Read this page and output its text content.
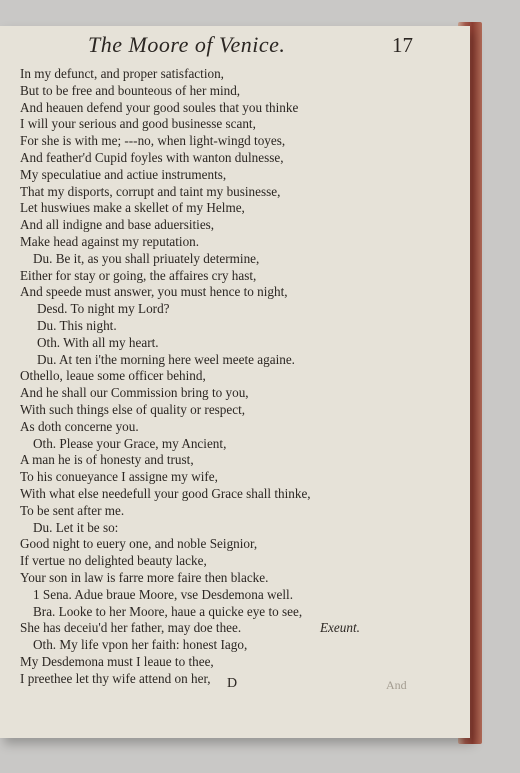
The Moore of Venice.	17
In my defunct, and proper satisfaction,
But to be free and bounteous of her mind,
And heauen defend your good soules that you thinke
I will your serious and good businesse scant,
For she is with me; ---no, when light-wingd toyes,
And feather'd Cupid foyles with wanton dulnesse,
My speculatiue and actiue instruments,
That my disports, corrupt and taint my businesse,
Let huswiues make a skellet of my Helme,
And all indigne and base aduersities,
Make head against my reputation.
Du. Be it, as you shall priuately determine,
Either for stay or going, the affaires cry hast,
And speede must answer, you must hence to night,
Desd. To night my Lord?
Du. This night.
Oth. With all my heart.
Du. At ten i'the morning here weel meete againe.
Othello, leaue some officer behind,
And he shall our Commission bring to you,
With such things else of quality or respect,
As doth concerne you.
Oth. Please your Grace, my Ancient,
A man he is of honesty and trust,
To his conueyance I assigne my wife,
With what else needefull your good Grace shall thinke,
To be sent after me.
Du. Let it be so:
Good night to euery one, and noble Seignior,
If vertue no delighted beauty lacke,
Your son in law is farre more faire then blacke.
1 Sena. Adue braue Moore, vse Desdemona well.
Bra. Looke to her Moore, haue a quicke eye to see,
She has deceiu'd her father, may doe thee.	Exeunt.
Oth. My life vpon her faith: honest Iago,
My Desdemona must I leaue to thee,
I preethee let thy wife attend on her,	D	And
